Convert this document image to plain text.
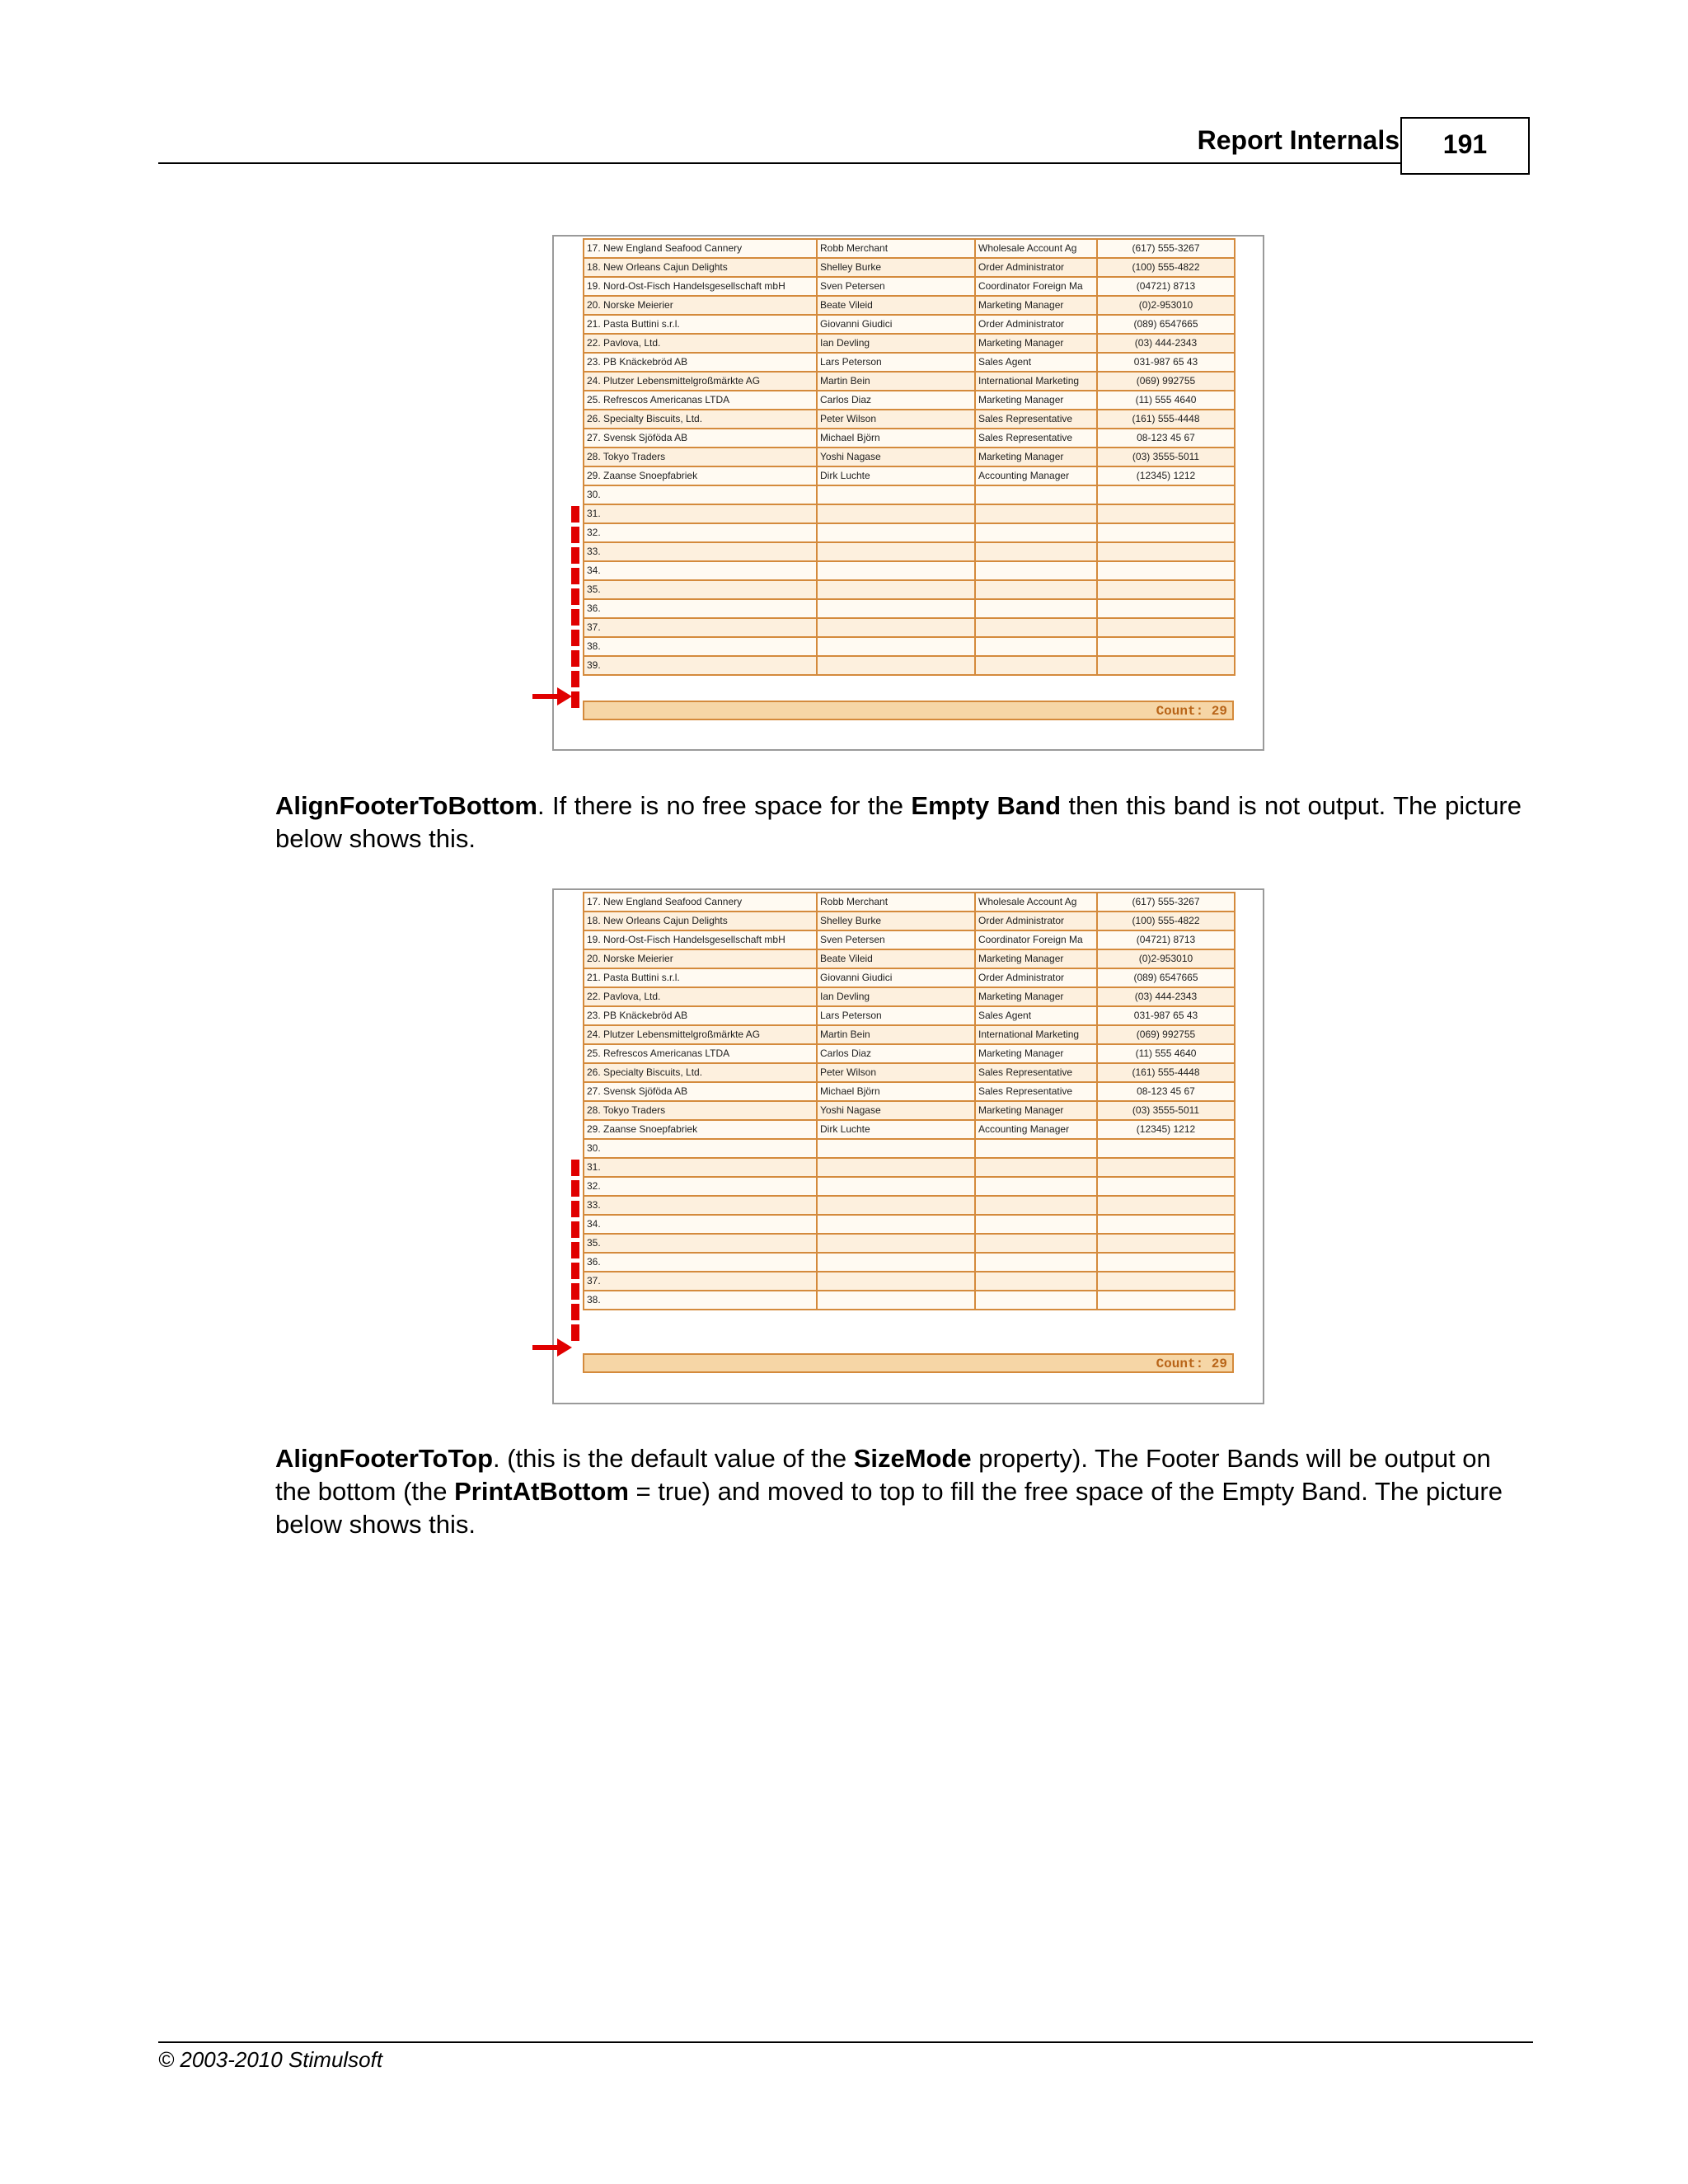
Report Internals	191
17. New England Seafood Cannery	Robb Merchant	Wholesale Account Ag	(617) 555-3267
18. New Orleans Cajun Delights	Shelley Burke	Order Administrator	(100) 555-4822
19. Nord-Ost-Fisch Handelsgesellschaft mbH	Sven Petersen	Coordinator Foreign Ma	(04721) 8713
20. Norske Meierier	Beate Vileid	Marketing Manager	(0)2-953010
21. Pasta Buttini s.r.l.	Giovanni Giudici	Order Administrator	(089) 6547665
22. Pavlova, Ltd.	Ian Devling	Marketing Manager	(03) 444-2343
23. PB Knäckebröd AB	Lars Peterson	Sales Agent	031-987 65 43
24. Plutzer Lebensmittelgroßmärkte AG	Martin Bein	International Marketing	(069) 992755
25. Refrescos Americanas LTDA	Carlos Diaz	Marketing Manager	(11) 555 4640
26. Specialty Biscuits, Ltd.	Peter Wilson	Sales Representative	(161) 555-4448
27. Svensk Sjöföda AB	Michael Björn	Sales Representative	08-123 45 67
28. Tokyo Traders	Yoshi Nagase	Marketing Manager	(03) 3555-5011
29. Zaanse Snoepfabriek	Dirk Luchte	Accounting Manager	(12345) 1212
30.			
31.			
32.			
33.			
34.			
35.			
36.			
37.			
38.			
39.			
Count: 29

AlignFooterToBottom. If there is no free space for the Empty Band then this band is not output. The picture below shows this.

17. New England Seafood Cannery	Robb Merchant	Wholesale Account Ag	(617) 555-3267
18. New Orleans Cajun Delights	Shelley Burke	Order Administrator	(100) 555-4822
19. Nord-Ost-Fisch Handelsgesellschaft mbH	Sven Petersen	Coordinator Foreign Ma	(04721) 8713
20. Norske Meierier	Beate Vileid	Marketing Manager	(0)2-953010
21. Pasta Buttini s.r.l.	Giovanni Giudici	Order Administrator	(089) 6547665
22. Pavlova, Ltd.	Ian Devling	Marketing Manager	(03) 444-2343
23. PB Knäckebröd AB	Lars Peterson	Sales Agent	031-987 65 43
24. Plutzer Lebensmittelgroßmärkte AG	Martin Bein	International Marketing	(069) 992755
25. Refrescos Americanas LTDA	Carlos Diaz	Marketing Manager	(11) 555 4640
26. Specialty Biscuits, Ltd.	Peter Wilson	Sales Representative	(161) 555-4448
27. Svensk Sjöföda AB	Michael Björn	Sales Representative	08-123 45 67
28. Tokyo Traders	Yoshi Nagase	Marketing Manager	(03) 3555-5011
29. Zaanse Snoepfabriek	Dirk Luchte	Accounting Manager	(12345) 1212
30.			
31.			
32.			
33.			
34.			
35.			
36.			
37.			
38.			
Count: 29

AlignFooterToTop. (this is the default value of the SizeMode property). The Footer Bands will be output on the bottom (the PrintAtBottom = true) and moved to top to fill the free space of the Empty Band. The picture below shows this.

© 2003-2010 Stimulsoft
